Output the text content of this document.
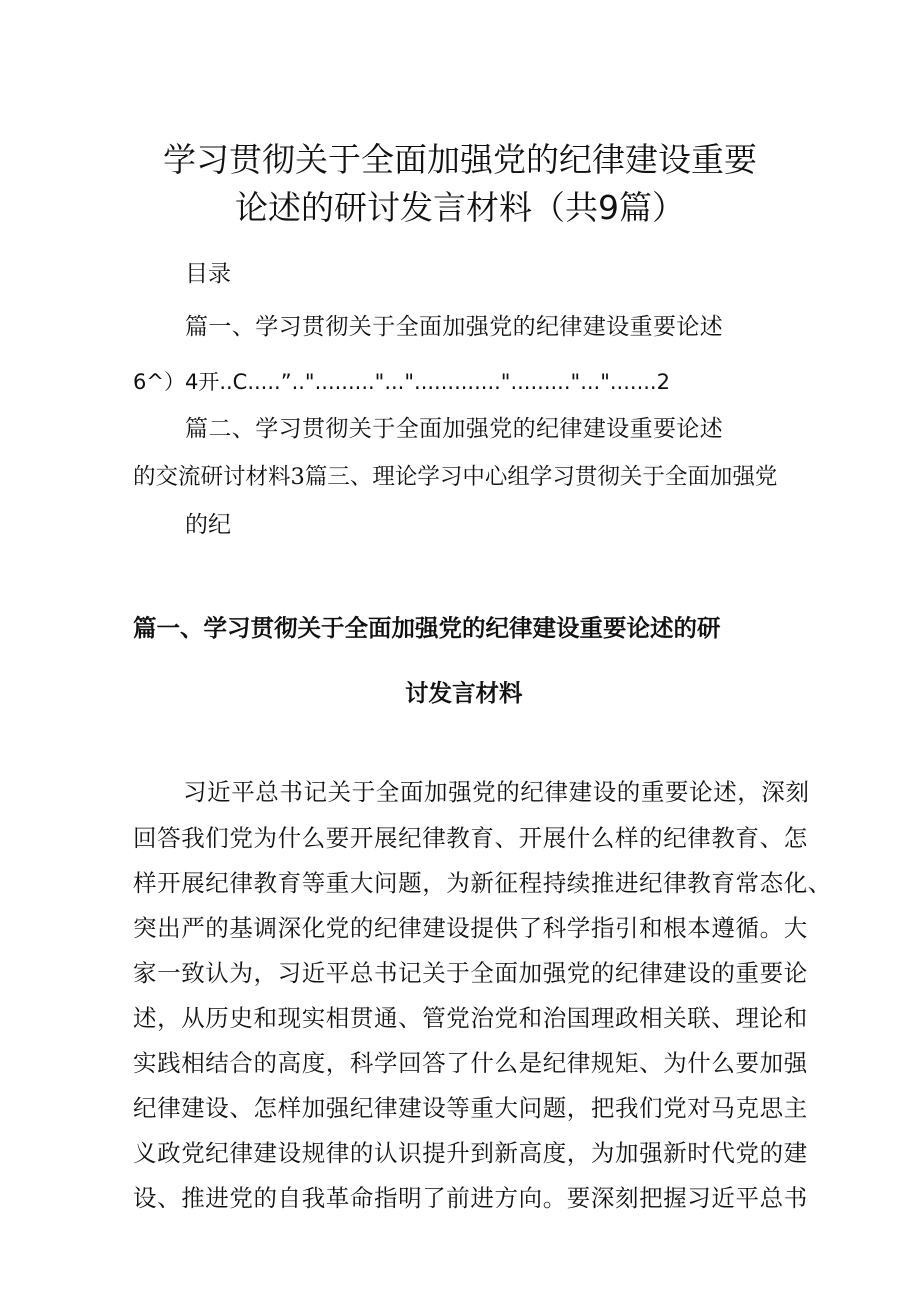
学习贯彻关于全面加强党的纪律建设重要
论述的研讨发言材料（共9篇）
目录
篇一、学习贯彻关于全面加强党的纪律建设重要论述
6^）4开..C.....”.."........."..."............."........."...".......2
篇二、学习贯彻关于全面加强党的纪律建设重要论述
的交流研讨材料3篇三、理论学习中心组学习贯彻关于全面加强党
的纪
篇一、学习贯彻关于全面加强党的纪律建设重要论述的研
讨发言材料
习近平总书记关于全面加强党的纪律建设的重要论述，深刻
回答我们党为什么要开展纪律教育、开展什么样的纪律教育、怎
样开展纪律教育等重大问题，为新征程持续推进纪律教育常态化、
突出严的基调深化党的纪律建设提供了科学指引和根本遵循。大
家一致认为，习近平总书记关于全面加强党的纪律建设的重要论
述，从历史和现实相贯通、管党治党和治国理政相关联、理论和
实践相结合的高度，科学回答了什么是纪律规矩、为什么要加强
纪律建设、怎样加强纪律建设等重大问题，把我们党对马克思主
义政党纪律建设规律的认识提升到新高度，为加强新时代党的建
设、推进党的自我革命指明了前进方向。要深刻把握习近平总书
